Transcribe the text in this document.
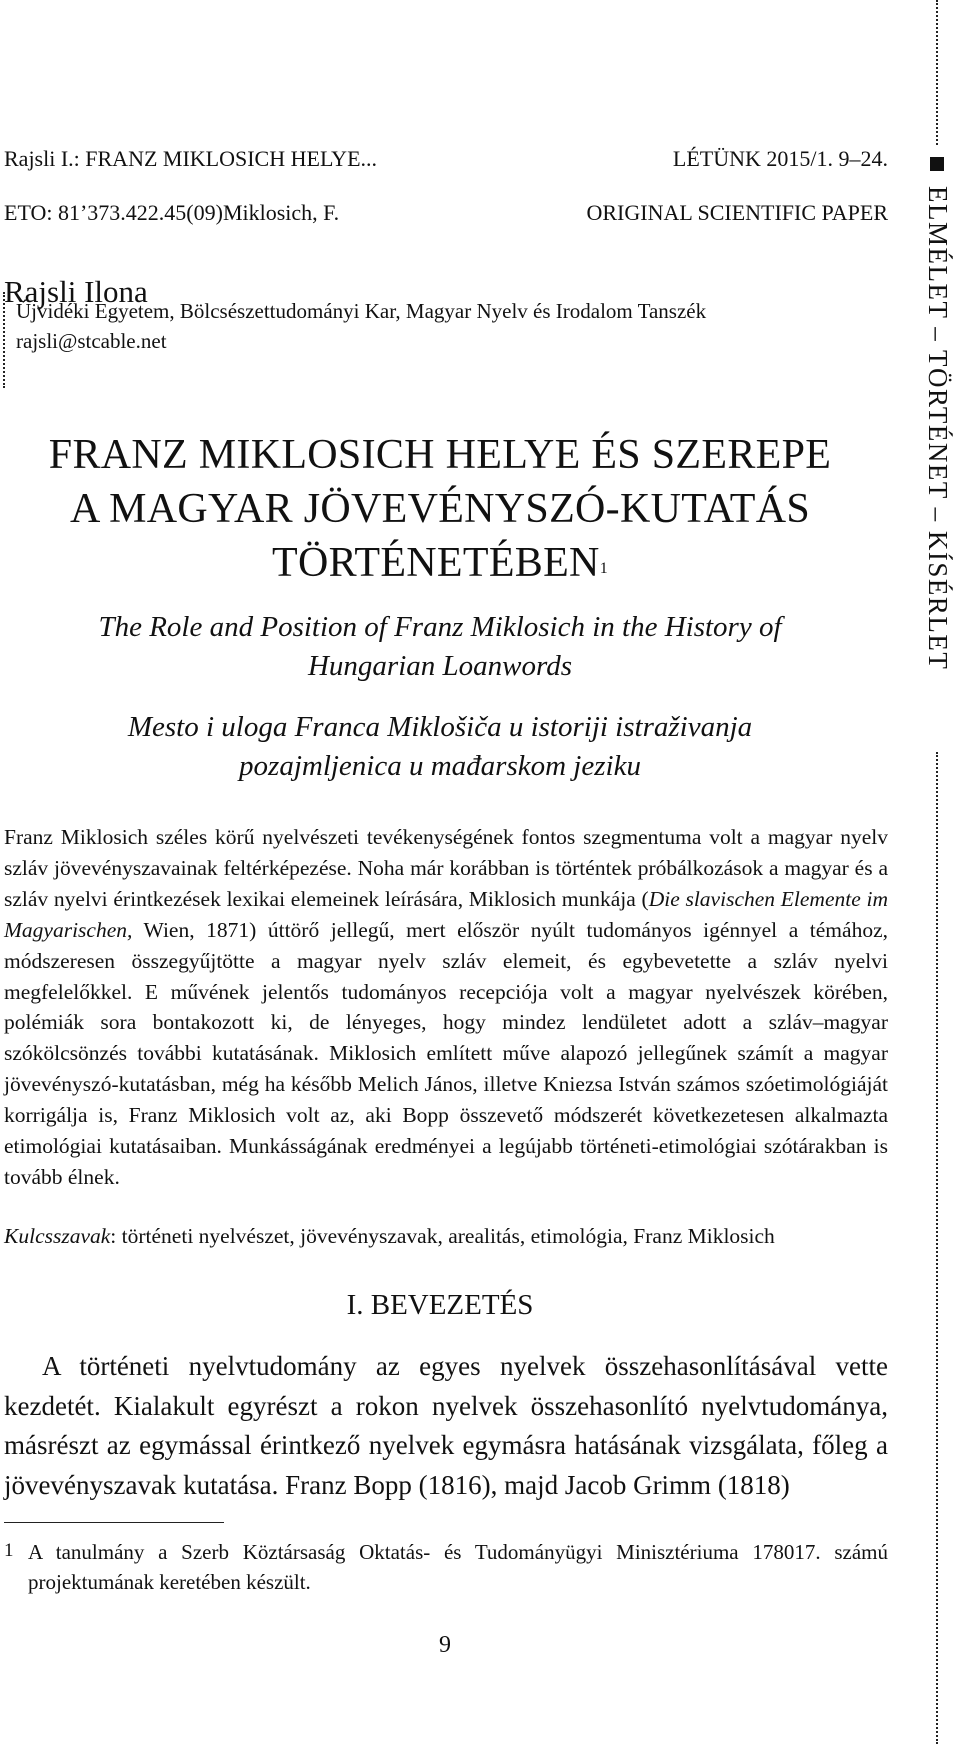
Rajsli I.: FRANZ MIKLOSICH HELYE...	LÉTÜNK 2015/1. 9–24.
ETO: 81’373.422.45(09)Miklosich, F.	ORIGINAL SCIENTIFIC PAPER
Rajsli Ilona
Újvidéki Egyetem, Bölcsészettudományi Kar, Magyar Nyelv és Irodalom Tanszék
rajsli@stcable.net
FRANZ MIKLOSICH HELYE ÉS SZEREPE
A MAGYAR JÖVEVÉNYSZÓ-KUTATÁS
TÖRTÉNETÉBEN$^1$
The Role and Position of Franz Miklosich in the History of Hungarian Loanwords
Mesto i uloga Franca Miklošiča u istoriji istraživanja pozajmljenica u mađarskom jeziku
Franz Miklosich széles körű nyelvészeti tevékenységének fontos szegmentuma volt a magyar nyelv szláv jövevényszavainak feltérképezése. Noha már korábban is történtek próbálkozások a magyar és a szláv nyelvi érintkezések lexikai elemeinek leírására, Miklosich munkája (Die slavischen Elemente im Magyarischen, Wien, 1871) úttörő jellegű, mert először nyúlt tudományos igénnyel a témához, módszeresen összegyűjtötte a magyar nyelv szláv elemeit, és egybevetette a szláv nyelvi megfelelőkkel. E művének jelentős tudományos recepciója volt a magyar nyelvészek körében, polémiák sora bontakozott ki, de lényeges, hogy mindez lendületet adott a szláv–magyar szókölcsönzés további kutatásának. Miklosich említett műve alapozó jellegűnek számít a magyar jövevényszó-kutatásban, még ha később Melich János, illetve Kniezsa István számos szóetimológiáját korrigálja is, Franz Miklosich volt az, aki Bopp összevető módszerét következetesen alkalmazta etimológiai kutatásaiban. Munkásságának eredményei a legújabb történeti-etimológiai szótárakban is tovább élnek.
Kulcsszavak: történeti nyelvészet, jövevényszavak, arealitás, etimológia, Franz Miklosich
I. BEVEZETÉS
A történeti nyelvtudomány az egyes nyelvek összehasonlításával vette kezdetét. Kialakult egyrészt a rokon nyelvek összehasonlító nyelvtudománya, másrészt az egymással érintkező nyelvek egymásra hatásának vizsgálata, főleg a jövevényszavak kutatása. Franz Bopp (1816), majd Jacob Grimm (1818)
1 A tanulmány a Szerb Köztársaság Oktatás- és Tudományügyi Minisztériuma 178017. számú projektumának keretében készült.
9
ELMÉLET – TÖRTÉNET – KÍSÉRLET
